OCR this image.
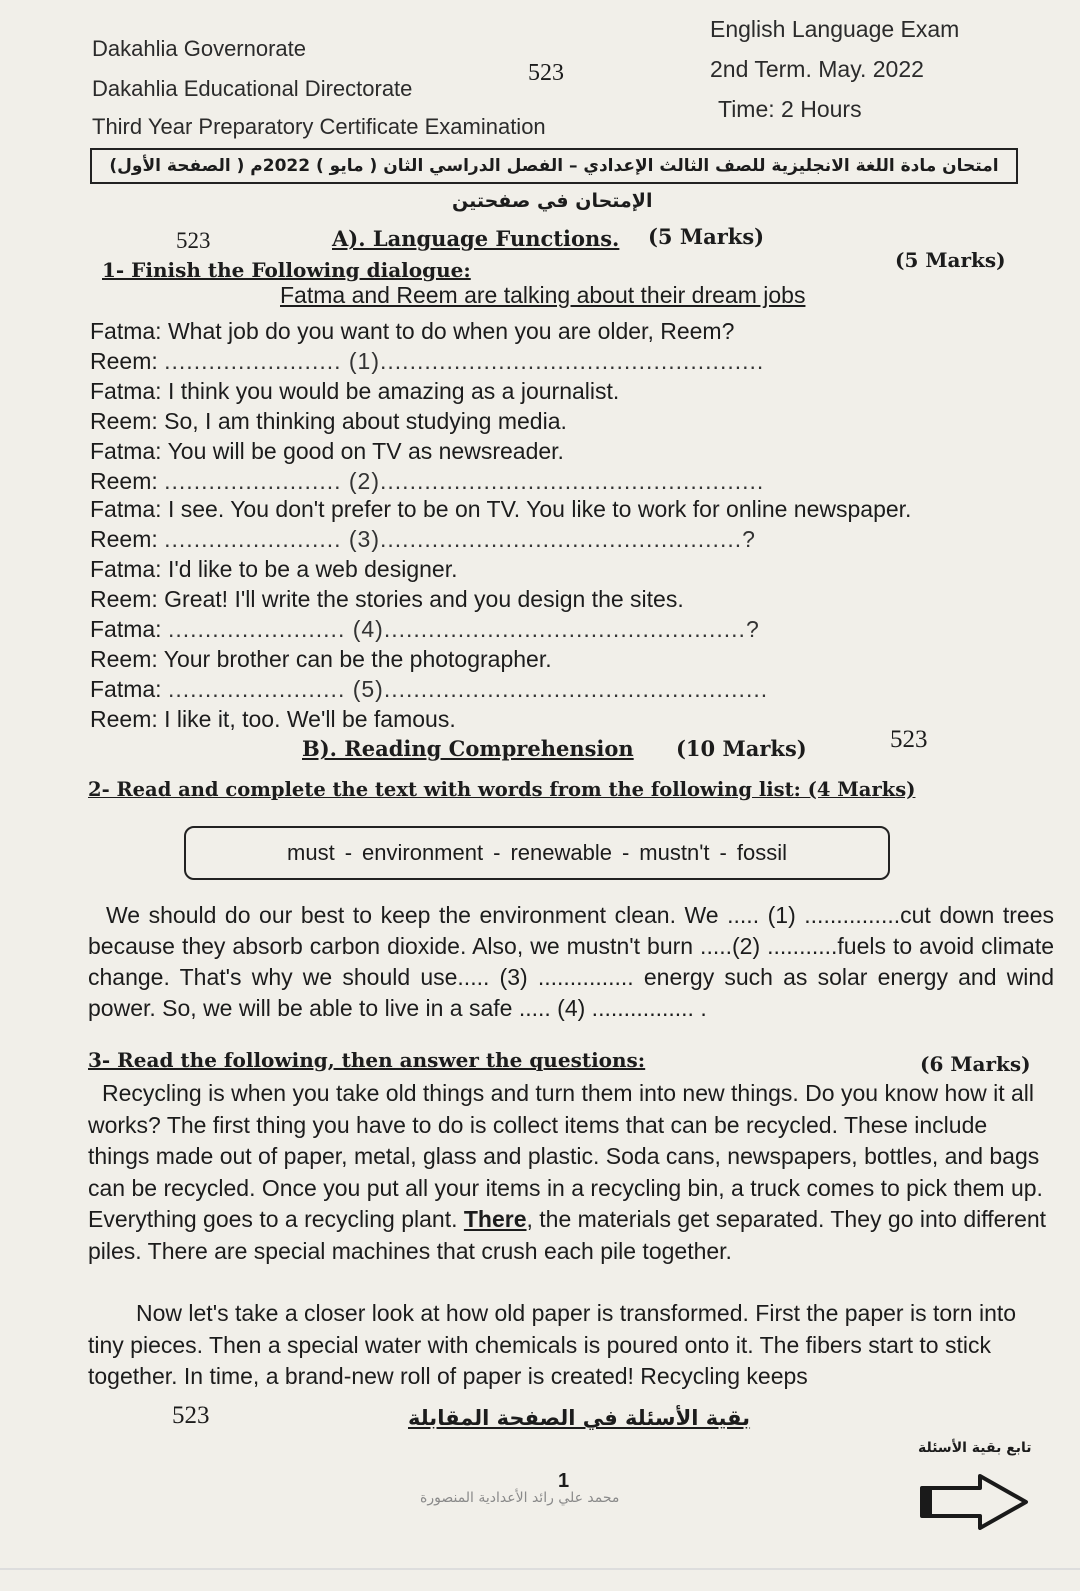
Dakahlia Governorate
Dakahlia Educational Directorate
Third Year Preparatory Certificate Examination
523
English Language Exam
2nd Term. May. 2022
Time: 2 Hours
امتحان مادة اللغة الانجليزية للصف الثالث الإعدادي – الفصل الدراسي الثان ( مايو ) 2022م ( الصفحة الأول)
الإمتحان في صفحتين
523	A). Language Functions. (5 Marks)
1- Finish the Following dialogue:	(5 Marks)
Fatma and Reem are talking about their dream jobs
Fatma: What job do you want to do when you are older, Reem?
Reem: ........................ (1)....................................................
Fatma: I think you would be amazing as a journalist.
Reem: So, I am thinking about studying media.
Fatma: You will be good on TV as newsreader.
Reem: ........................ (2)....................................................
Fatma: I see. You don't prefer to be on TV. You like to work for online newspaper.
Reem: ........................ (3).................................................?
Fatma: I'd like to be a web designer.
Reem: Great! I'll write the stories and you design the sites.
Fatma: ........................ (4).................................................?
Reem: Your brother can be the photographer.
Fatma: ........................ (5)....................................................
Reem: I like it, too. We'll be famous.
B). Reading Comprehension (10 Marks)	523
2- Read and complete the text with words from the following list: (4 Marks)
must - environment - renewable - mustn't - fossil
We should do our best to keep the environment clean. We ..... (1) ...............cut down trees because they absorb carbon dioxide. Also, we mustn't burn .....(2) ...........fuels to avoid climate change. That's why we should use..... (3) ............... energy such as solar energy and wind power. So, we will be able to live in a safe ..... (4) ................ .
3- Read the following, then answer the questions:	(6 Marks)
Recycling is when you take old things and turn them into new things. Do you know how it all works? The first thing you have to do is collect items that can be recycled. These include things made out of paper, metal, glass and plastic. Soda cans, newspapers, bottles, and bags can be recycled. Once you put all your items in a recycling bin, a truck comes to pick them up. Everything goes to a recycling plant. There, the materials get separated. They go into different piles. There are special machines that crush each pile together.
Now let's take a closer look at how old paper is transformed. First the paper is torn into tiny pieces. Then a special water with chemicals is poured onto it. The fibers start to stick together. In time, a brand-new roll of paper is created! Recycling keeps
523	بقية الأسئلة في الصفحة المقابلة
تابع بقية الأسئلة
1
محمد علي رائد الأعدادية المنصورة
